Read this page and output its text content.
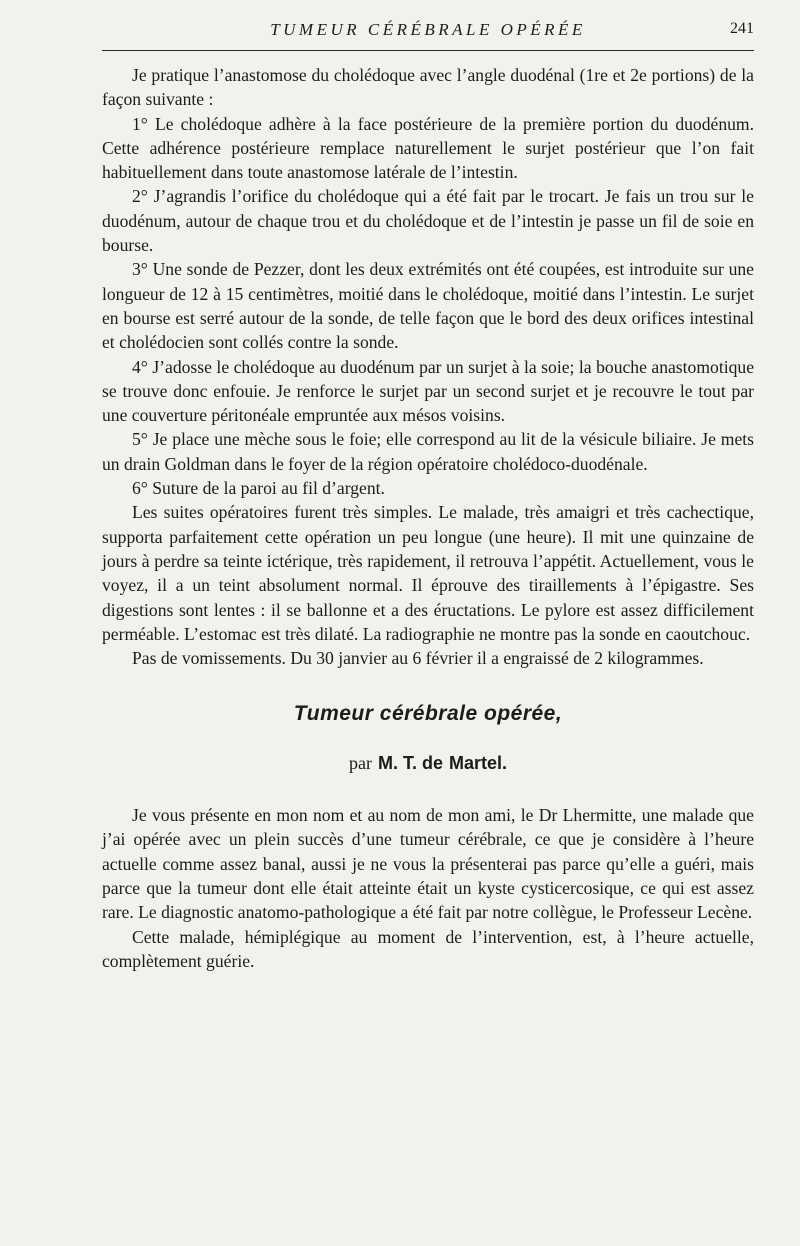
TUMEUR CÉRÉBRALE OPÉRÉE	241

Je pratique l’anastomose du cholédoque avec l’angle duodénal (1re et 2e portions) de la façon suivante :

1° Le cholédoque adhère à la face postérieure de la première portion du duodénum. Cette adhérence postérieure remplace naturellement le surjet postérieur que l’on fait habituellement dans toute anastomose latérale de l’intestin.

2° J’agrandis l’orifice du cholédoque qui a été fait par le trocart. Je fais un trou sur le duodénum, autour de chaque trou et du cholédoque et de l’intestin je passe un fil de soie en bourse.

3° Une sonde de Pezzer, dont les deux extrémités ont été coupées, est introduite sur une longueur de 12 à 15 centimètres, moitié dans le cholédoque, moitié dans l’intestin. Le surjet en bourse est serré autour de la sonde, de telle façon que le bord des deux orifices intestinal et cholédocien sont collés contre la sonde.

4° J’adosse le cholédoque au duodénum par un surjet à la soie; la bouche anastomotique se trouve donc enfouie. Je renforce le surjet par un second surjet et je recouvre le tout par une couverture péritonéale empruntée aux mésos voisins.

5° Je place une mèche sous le foie; elle correspond au lit de la vésicule biliaire. Je mets un drain Goldman dans le foyer de la région opératoire cholédoco-duodénale.

6° Suture de la paroi au fil d’argent.

Les suites opératoires furent très simples. Le malade, très amaigri et très cachectique, supporta parfaitement cette opération un peu longue (une heure). Il mit une quinzaine de jours à perdre sa teinte ictérique, très rapidement, il retrouva l’appétit. Actuellement, vous le voyez, il a un teint absolument normal. Il éprouve des tiraillements à l’épigastre. Ses digestions sont lentes : il se ballonne et a des éructations. Le pylore est assez difficilement perméable. L’estomac est très dilaté. La radiographie ne montre pas la sonde en caoutchouc.

Pas de vomissements. Du 30 janvier au 6 février il a engraissé de 2 kilogrammes.

Tumeur cérébrale opérée,
par M. T. de Martel.

Je vous présente en mon nom et au nom de mon ami, le Dr Lhermitte, une malade que j’ai opérée avec un plein succès d’une tumeur cérébrale, ce que je considère à l’heure actuelle comme assez banal, aussi je ne vous la présenterai pas parce qu’elle a guéri, mais parce que la tumeur dont elle était atteinte était un kyste cysticercosique, ce qui est assez rare. Le diagnostic anatomo-pathologique a été fait par notre collègue, le Professeur Lecène.

Cette malade, hémiplégique au moment de l’intervention, est, à l’heure actuelle, complètement guérie.
